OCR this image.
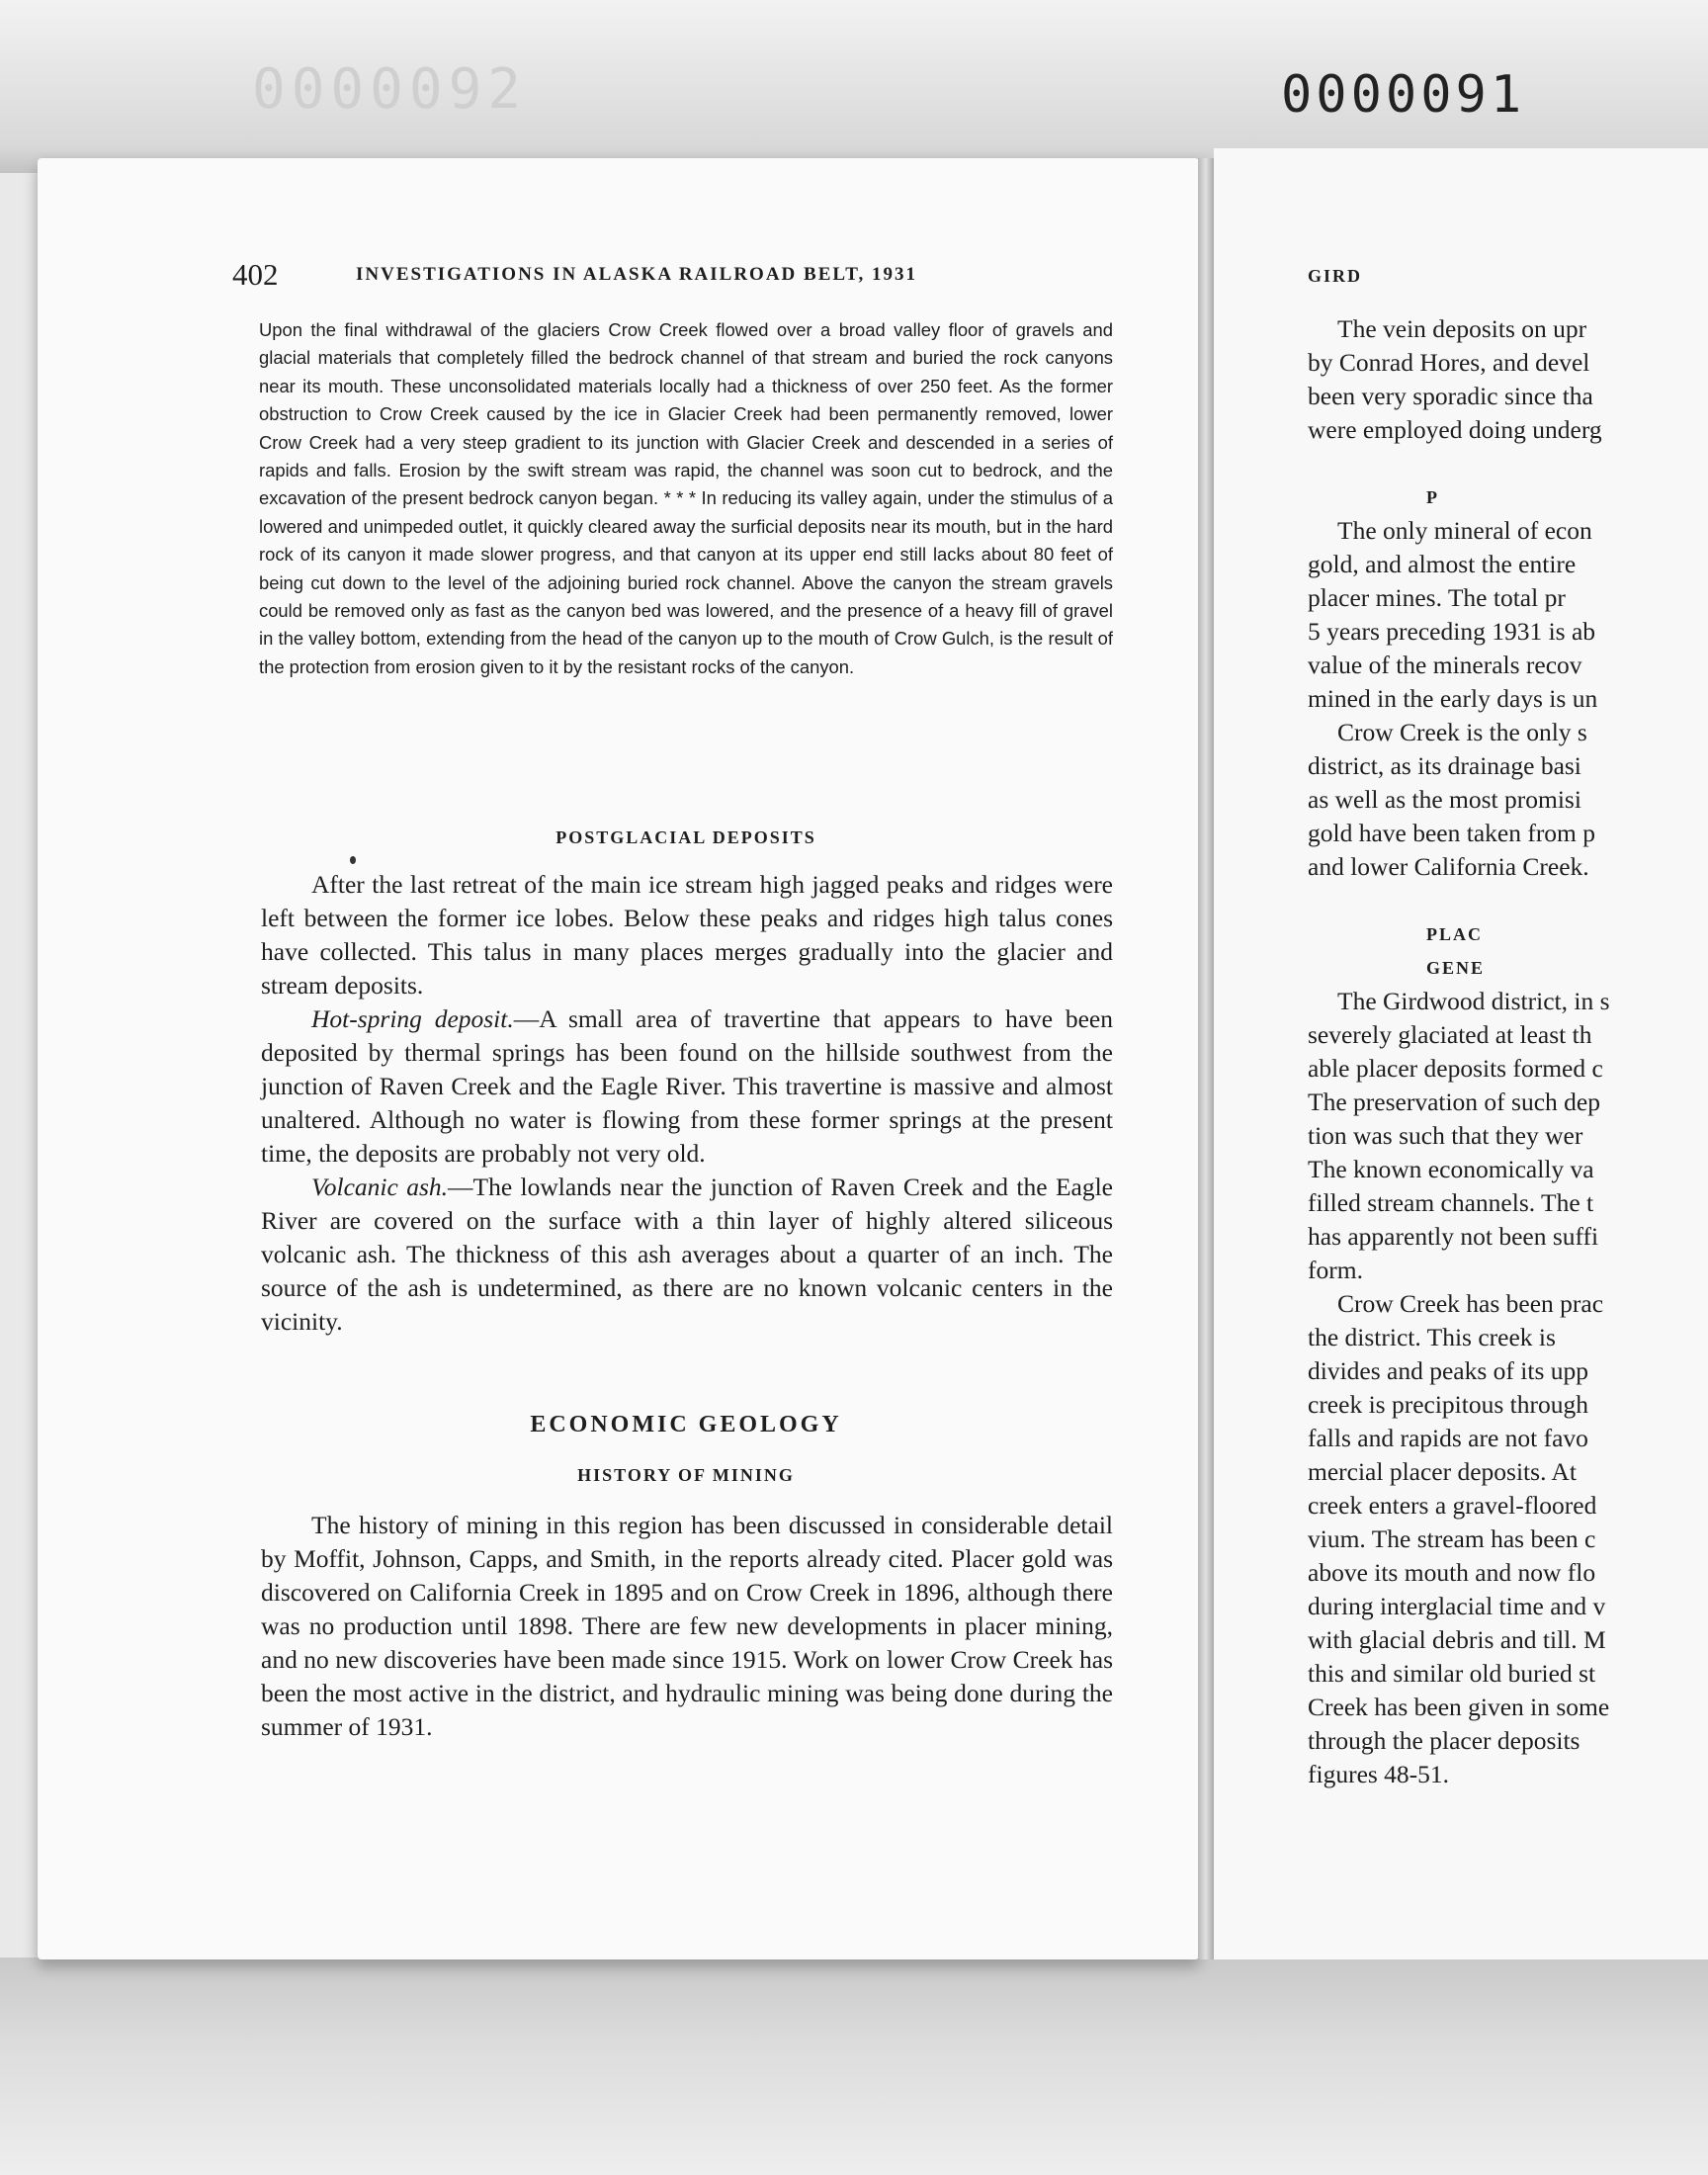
0000092	0000091
402	INVESTIGATIONS IN ALASKA RAILROAD BELT, 1931
Upon the final withdrawal of the glaciers Crow Creek flowed over a broad valley floor of gravels and glacial materials that completely filled the bedrock channel of that stream and buried the rock canyons near its mouth. These unconsolidated materials locally had a thickness of over 250 feet. As the former obstruction to Crow Creek caused by the ice in Glacier Creek had been permanently removed, lower Crow Creek had a very steep gradient to its junction with Glacier Creek and descended in a series of rapids and falls. Erosion by the swift stream was rapid, the channel was soon cut to bedrock, and the excavation of the present bedrock canyon began. * * * In reducing its valley again, under the stimulus of a lowered and unimpeded outlet, it quickly cleared away the surficial deposits near its mouth, but in the hard rock of its canyon it made slower progress, and that canyon at its upper end still lacks about 80 feet of being cut down to the level of the adjoining buried rock channel. Above the canyon the stream gravels could be removed only as fast as the canyon bed was lowered, and the presence of a heavy fill of gravel in the valley bottom, extending from the head of the canyon up to the mouth of Crow Gulch, is the result of the protection from erosion given to it by the resistant rocks of the canyon.
POSTGLACIAL DEPOSITS

After the last retreat of the main ice stream high jagged peaks and ridges were left between the former ice lobes. Below these peaks and ridges high talus cones have collected. This talus in many places merges gradually into the glacier and stream deposits.

Hot-spring deposit.—A small area of travertine that appears to have been deposited by thermal springs has been found on the hillside southwest from the junction of Raven Creek and the Eagle River. This travertine is massive and almost unaltered. Although no water is flowing from these former springs at the present time, the deposits are probably not very old.

Volcanic ash.—The lowlands near the junction of Raven Creek and the Eagle River are covered on the surface with a thin layer of highly altered siliceous volcanic ash. The thickness of this ash averages about a quarter of an inch. The source of the ash is undetermined, as there are no known volcanic centers in the vicinity.

ECONOMIC GEOLOGY
HISTORY OF MINING

The history of mining in this region has been discussed in considerable detail by Moffit, Johnson, Capps, and Smith, in the reports already cited. Placer gold was discovered on California Creek in 1895 and on Crow Creek in 1896, although there was no production until 1898. There are few new developments in placer mining, and no new discoveries have been made since 1915. Work on lower Crow Creek has been the most active in the district, and hydraulic mining was being done during the summer of 1931.

GIRD
The vein deposits on upr
by Conrad Hores, and devel
been very sporadic since tha
were employed doing underg
P
The only mineral of econ
gold, and almost the entire
placer mines. The total pr
5 years preceding 1931 is ab
value of the minerals recov
mined in the early days is un
Crow Creek is the only s
district, as its drainage basi
as well as the most promisi
gold have been taken from p
and lower California Creek.
PLAC
GENE
The Girdwood district, in s
severely glaciated at least th
able placer deposits formed c
The preservation of such dep
tion was such that they wer
The known economically va
filled stream channels. The t
has apparently not been suffi
form.
Crow Creek has been prac
the district. This creek is
divides and peaks of its upp
creek is precipitous through
falls and rapids are not favo
mercial placer deposits. At
creek enters a gravel-floored
vium. The stream has been c
above its mouth and now flo
during interglacial time and v
with glacial debris and till. M
this and similar old buried st
Creek has been given in some
through the placer deposits
figures 48-51.
